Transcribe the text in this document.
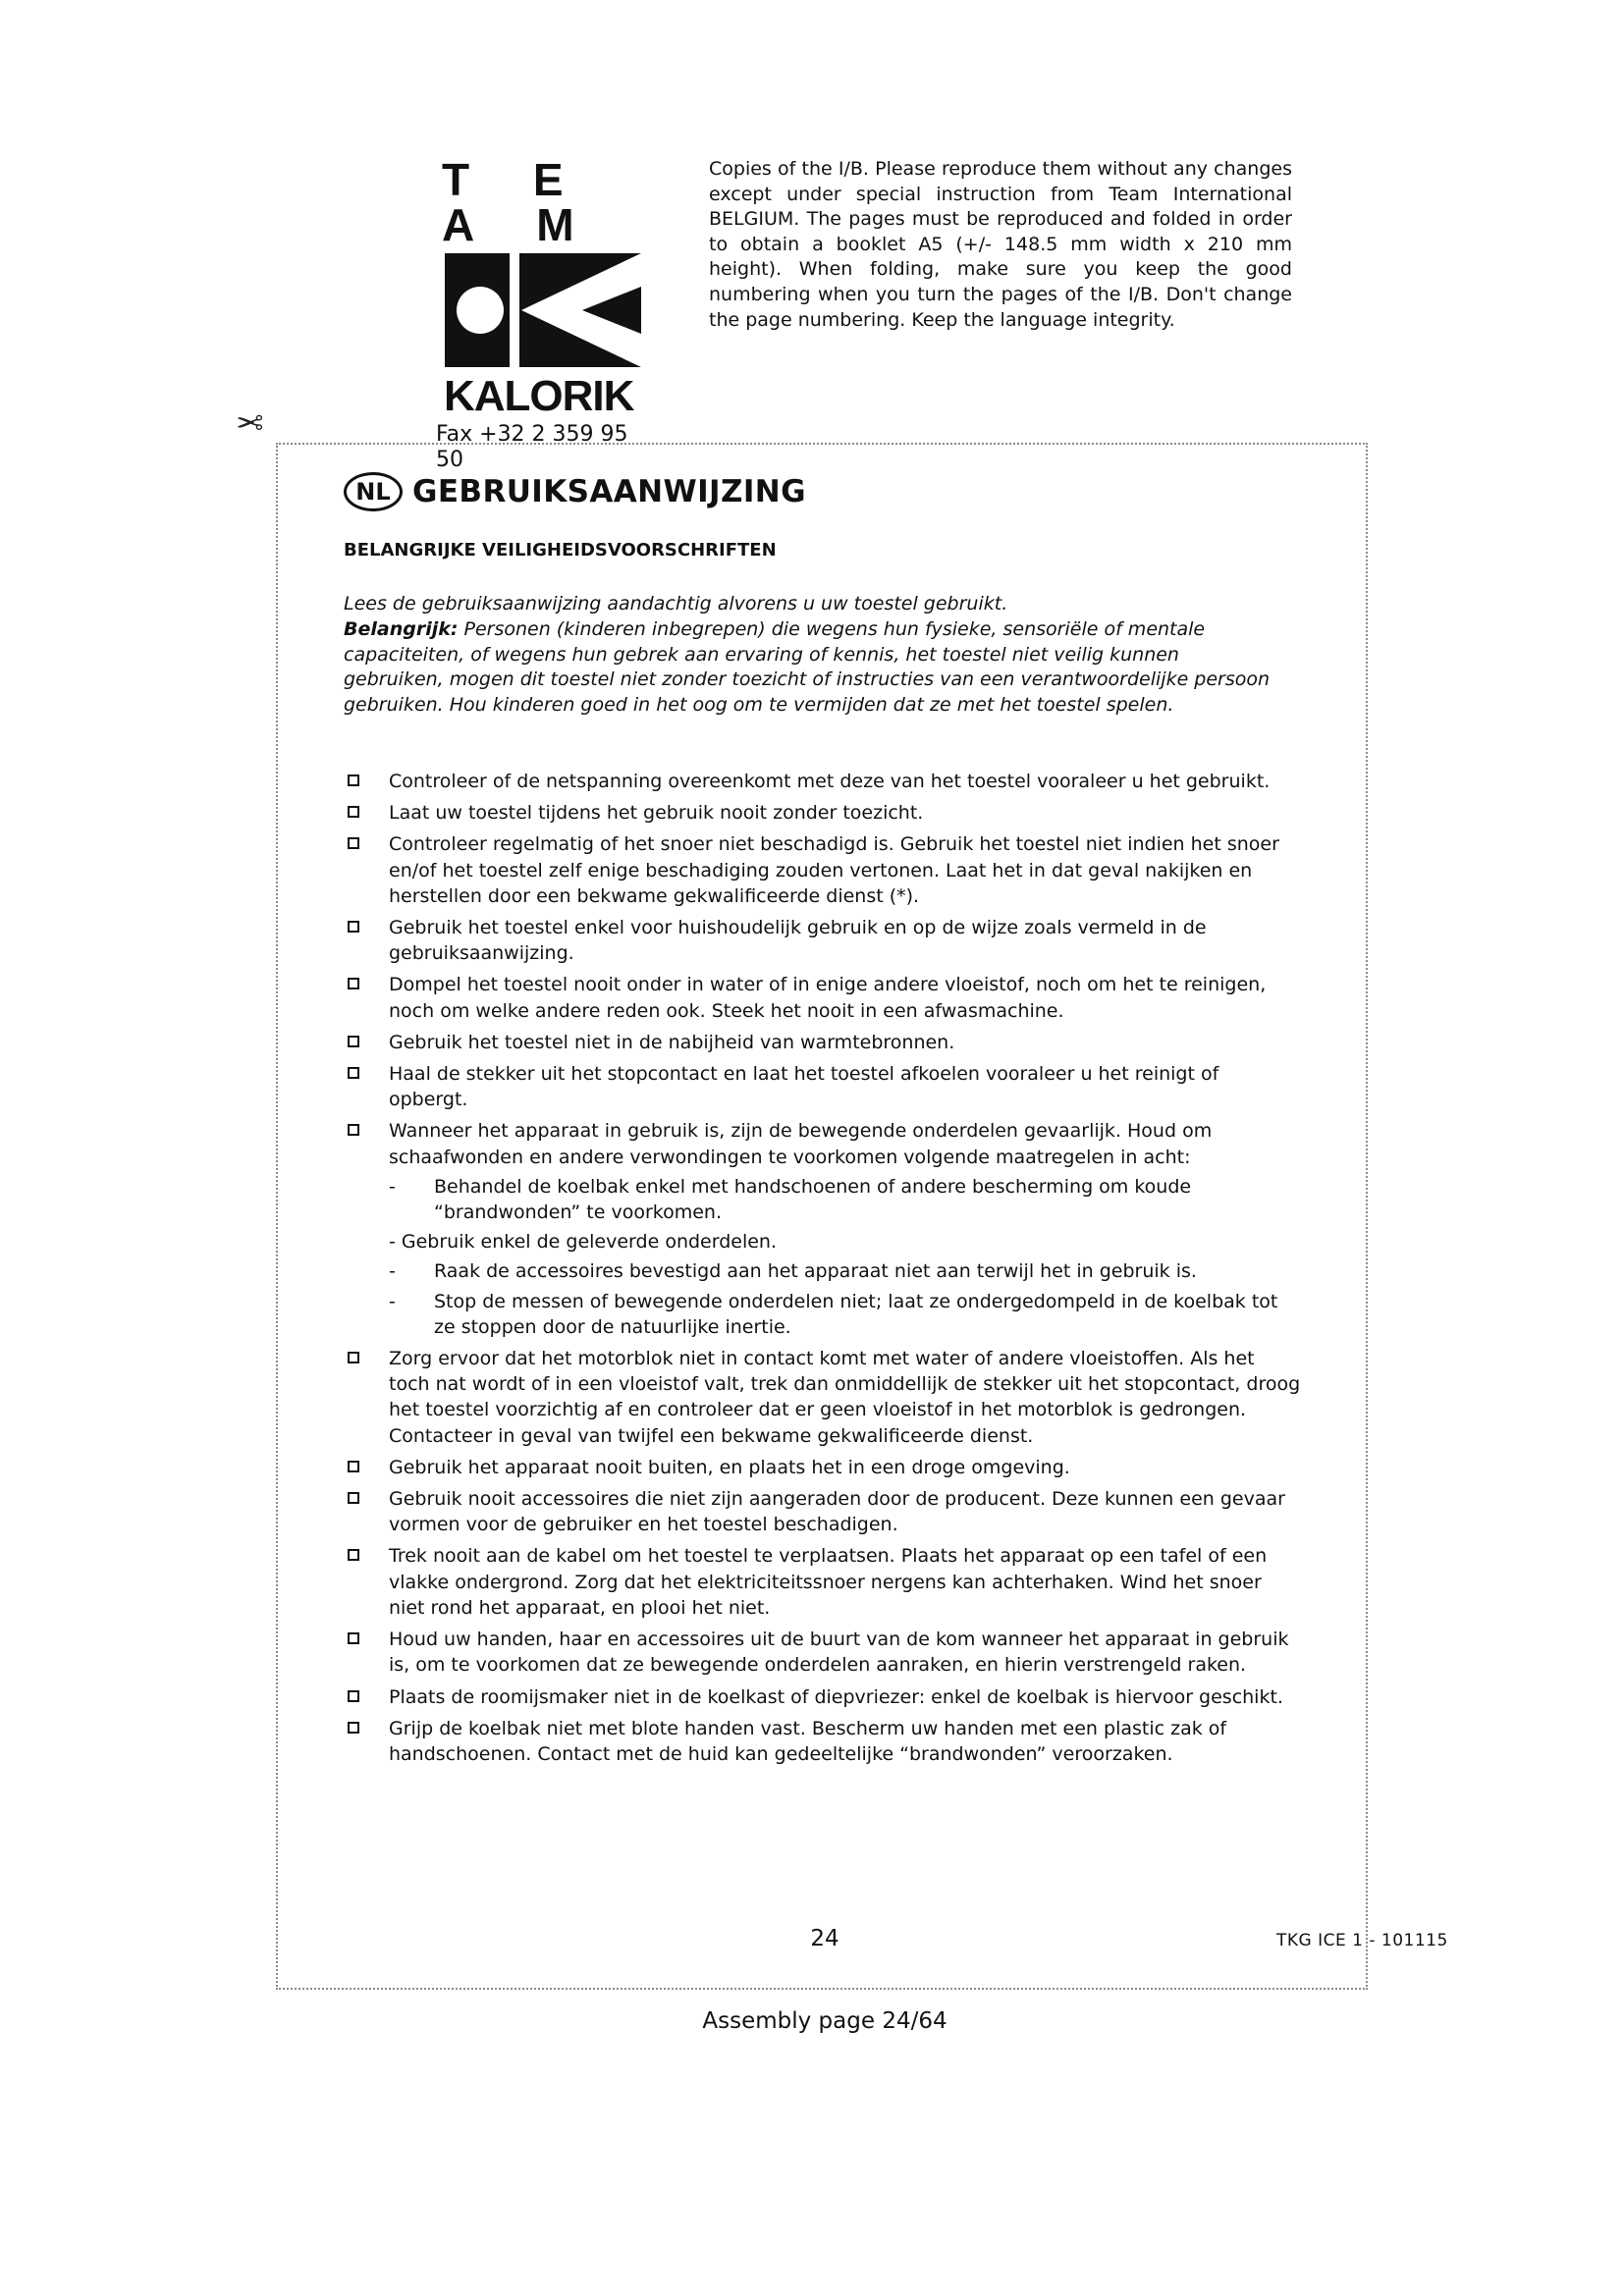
T E A M
KALORIK
Fax +32 2 359 95 50
Copies of the I/B. Please reproduce them without any changes except under special instruction from Team International BELGIUM. The pages must be reproduced and folded in order to obtain a booklet A5 (+/- 148.5 mm width x 210 mm height). When folding, make sure you keep the good numbering when you turn the pages of the I/B. Don't change the page numbering. Keep the language integrity.
✂
NL GEBRUIKSAANWIJZING
BELANGRIJKE VEILIGHEIDSVOORSCHRIFTEN

Lees de gebruiksaanwijzing aandachtig alvorens u uw toestel gebruikt.

Belangrijk: Personen (kinderen inbegrepen) die wegens hun fysieke, sensoriële of mentale capaciteiten, of wegens hun gebrek aan ervaring of kennis, het toestel niet veilig kunnen gebruiken, mogen dit toestel niet zonder toezicht of instructies van een verantwoordelijke persoon gebruiken. Hou kinderen goed in het oog om te vermijden dat ze met het toestel spelen.

Controleer of de netspanning overeenkomt met deze van het toestel vooraleer u het gebruikt.
Laat uw toestel tijdens het gebruik nooit zonder toezicht.
Controleer regelmatig of het snoer niet beschadigd is. Gebruik het toestel niet indien het snoer en/of het toestel zelf enige beschadiging zouden vertonen. Laat het in dat geval nakijken en herstellen door een bekwame gekwalificeerde dienst (*).
Gebruik het toestel enkel voor huishoudelijk gebruik en op de wijze zoals vermeld in de gebruiksaanwijzing.
Dompel het toestel nooit onder in water of in enige andere vloeistof, noch om het te reinigen, noch om welke andere reden ook. Steek het nooit in een afwasmachine.
Gebruik het toestel niet in de nabijheid van warmtebronnen.
Haal de stekker uit het stopcontact en laat het toestel afkoelen vooraleer u het reinigt of opbergt.
Wanneer het apparaat in gebruik is, zijn de bewegende onderdelen gevaarlijk. Houd om schaafwonden en andere verwondingen te voorkomen volgende maatregelen in acht:
- Behandel de koelbak enkel met handschoenen of andere bescherming om koude “brandwonden” te voorkomen.
- Gebruik enkel de geleverde onderdelen.
- Raak de accessoires bevestigd aan het apparaat niet aan terwijl het in gebruik is.
- Stop de messen of bewegende onderdelen niet; laat ze ondergedompeld in de koelbak tot ze stoppen door de natuurlijke inertie.
Zorg ervoor dat het motorblok niet in contact komt met water of andere vloeistoffen. Als het toch nat wordt of in een vloeistof valt, trek dan onmiddellijk de stekker uit het stopcontact, droog het toestel voorzichtig af en controleer dat er geen vloeistof in het motorblok is gedrongen. Contacteer in geval van twijfel een bekwame gekwalificeerde dienst.
Gebruik het apparaat nooit buiten, en plaats het in een droge omgeving.
Gebruik nooit accessoires die niet zijn aangeraden door de producent. Deze kunnen een gevaar vormen voor de gebruiker en het toestel beschadigen.
Trek nooit aan de kabel om het toestel te verplaatsen. Plaats het apparaat op een tafel of een vlakke ondergrond. Zorg dat het elektriciteitssnoer nergens kan achterhaken. Wind het snoer niet rond het apparaat, en plooi het niet.
Houd uw handen, haar en accessoires uit de buurt van de kom wanneer het apparaat in gebruik is, om te voorkomen dat ze bewegende onderdelen aanraken, en hierin verstrengeld raken.
Plaats de roomijsmaker niet in de koelkast of diepvriezer: enkel de koelbak is hiervoor geschikt.
Grijp de koelbak niet met blote handen vast. Bescherm uw handen met een plastic zak of handschoenen. Contact met de huid kan gedeeltelijke “brandwonden” veroorzaken.
24	TKG ICE 1 - 101115
Assembly page 24/64
